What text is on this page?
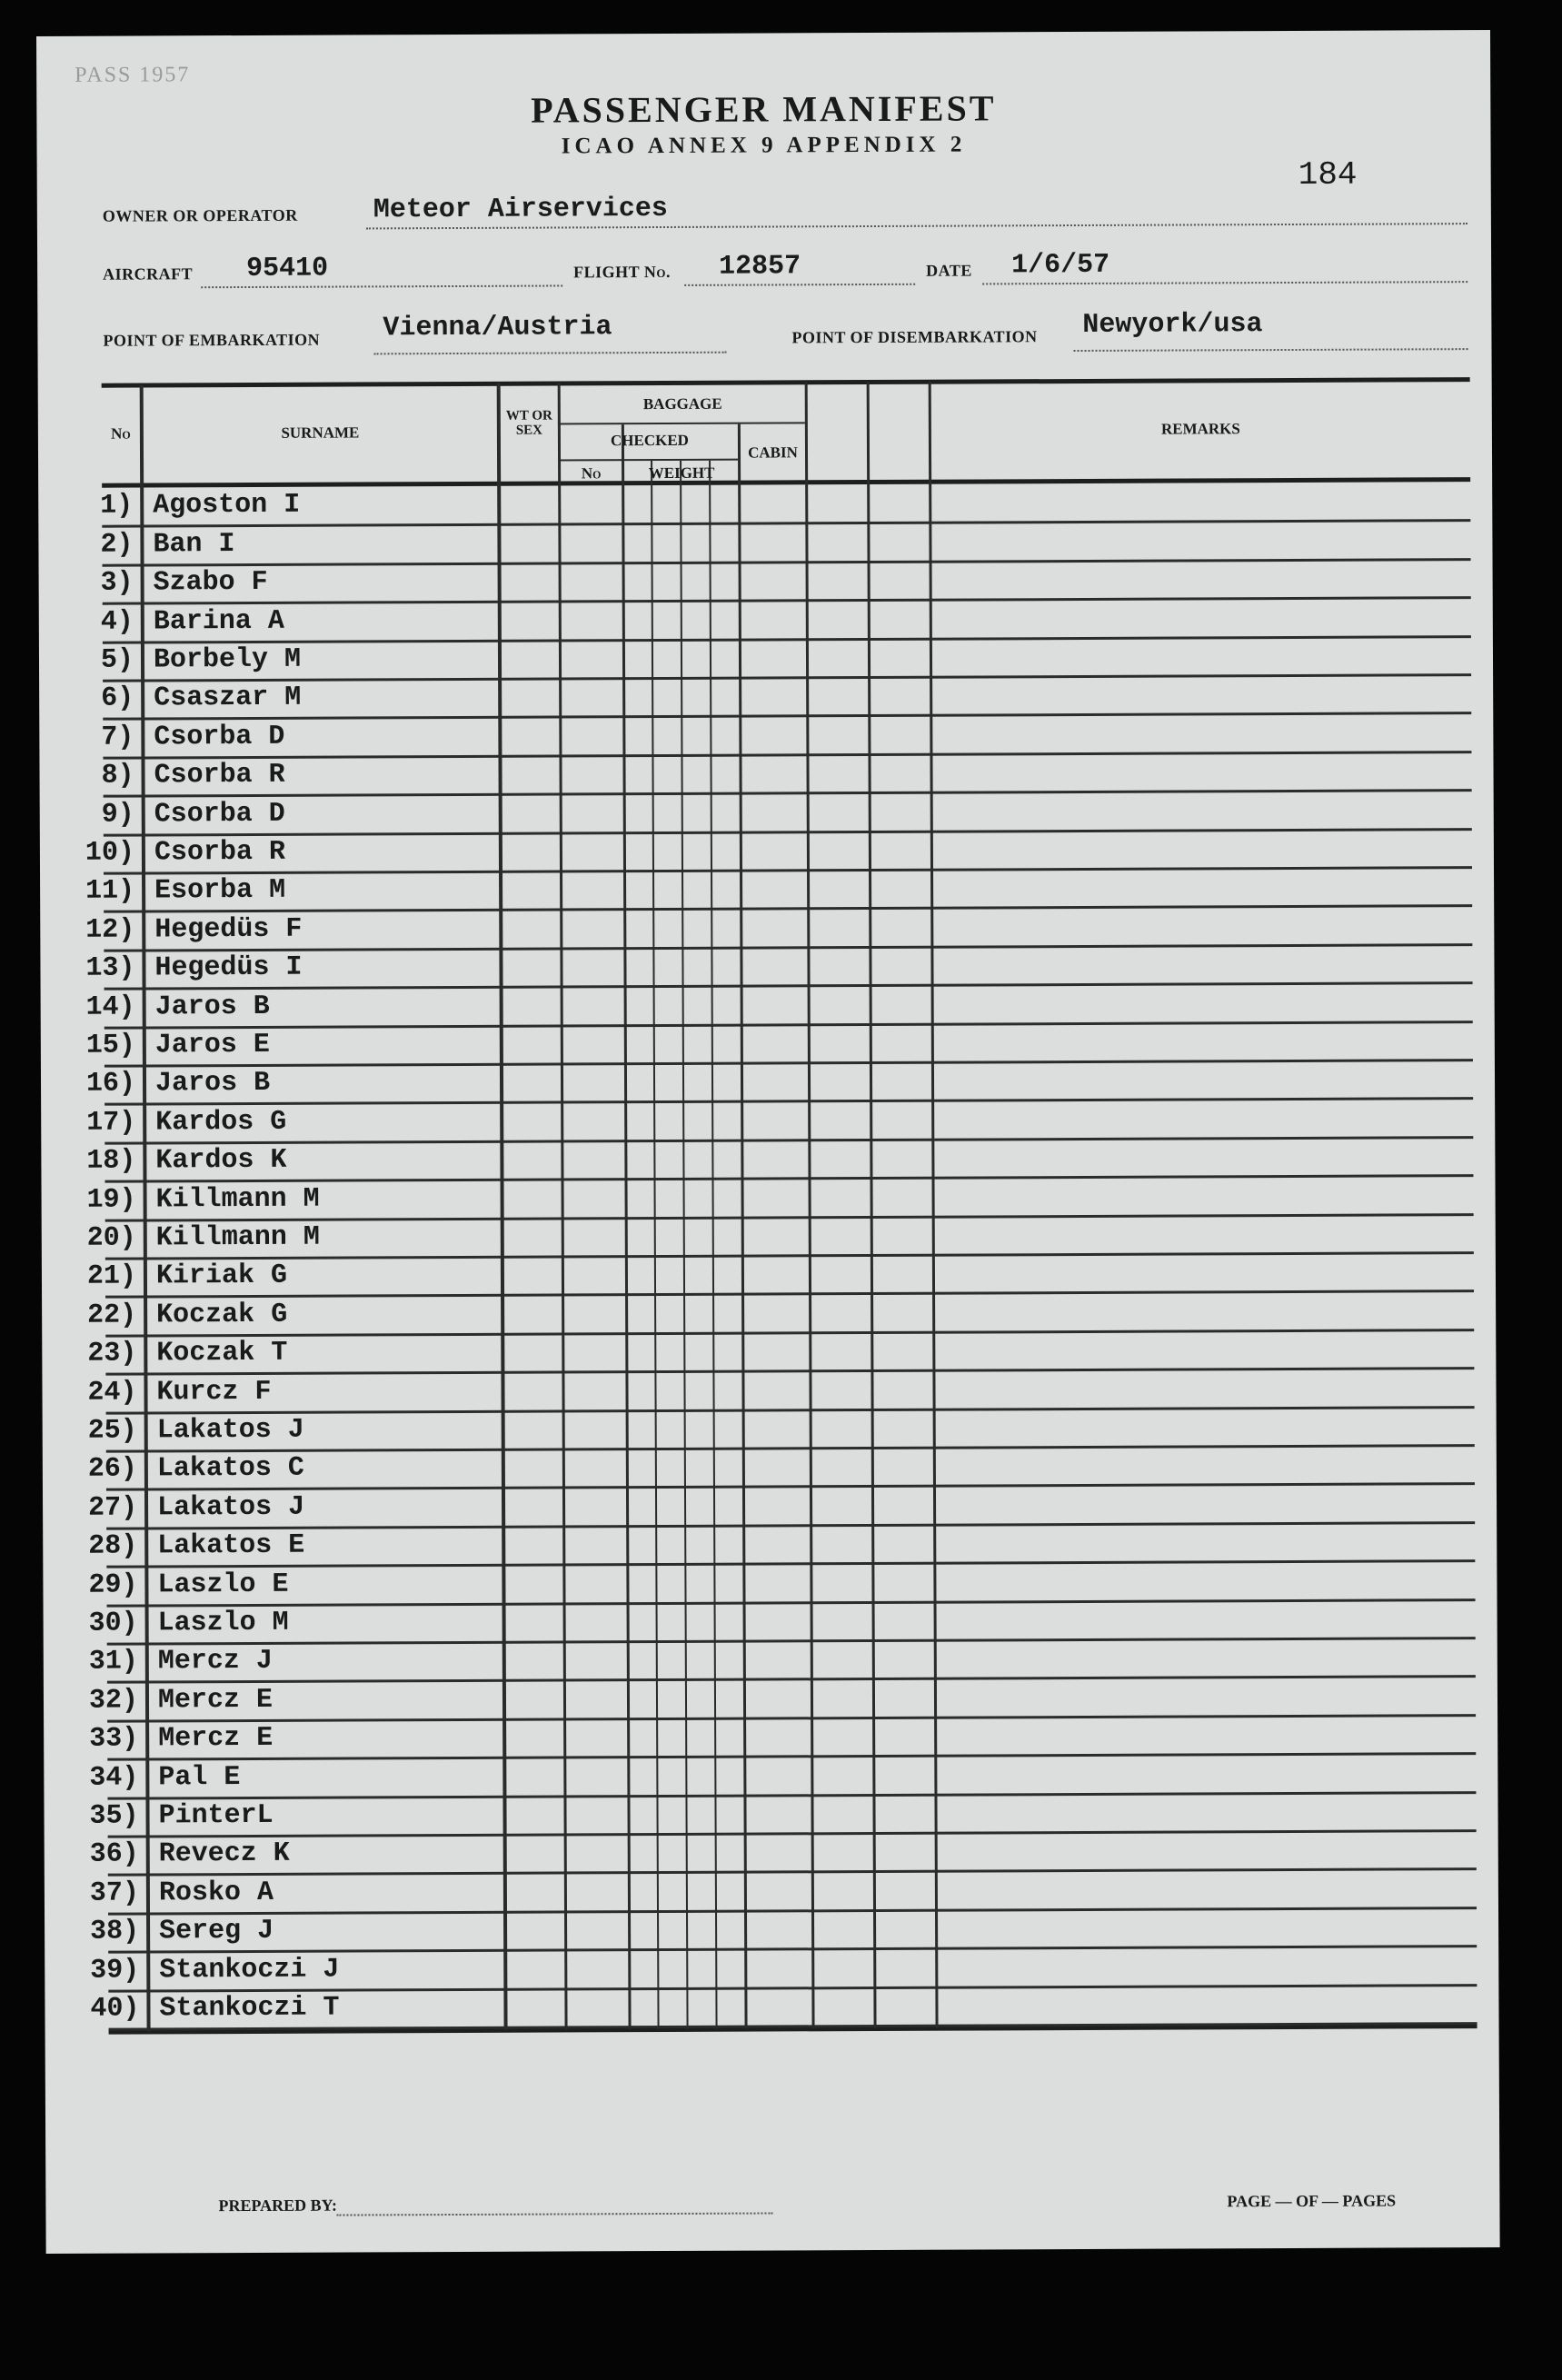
PASS 1957
PASSENGER MANIFEST
ICAO ANNEX 9 APPENDIX 2
184
OWNER OR OPERATOR	Meteor Airservices
AIRCRAFT 95410	FLIGHT No. 12857	DATE 1/6/57
POINT OF EMBARKATION Vienna/Austria	POINT OF DISEMBARKATION Newyork/usa
No	SURNAME
WT OR SEX
BAGGAGE
CHECKED
CABIN
No	WEIGHT
REMARKS
1) Agoston I
2) Ban I
3) Szabo F
4) Barina A
5) Borbely M
6) Csaszar M
7) Csorba D
8) Csorba R
9) Csorba D
10) Csorba R
11) Esorba M
12) Hegedüs F
13) Hegedüs I
14) Jaros B
15) Jaros E
16) Jaros B
17) Kardos G
18) Kardos K
19) Killmann M
20) Killmann M
21) Kiriak G
22) Koczak G
23) Koczak T
24) Kurcz F
25) Lakatos J
26) Lakatos C
27) Lakatos J
28) Lakatos E
29) Laszlo E
30) Laszlo M
31) Mercz J
32) Mercz E
33) Mercz E
34) Pal E
35) PinterL
36) Revecz K
37) Rosko A
38) Sereg J
39) Stankoczi J
40) Stankoczi T
PREPARED BY:	PAGE — OF — PAGES
